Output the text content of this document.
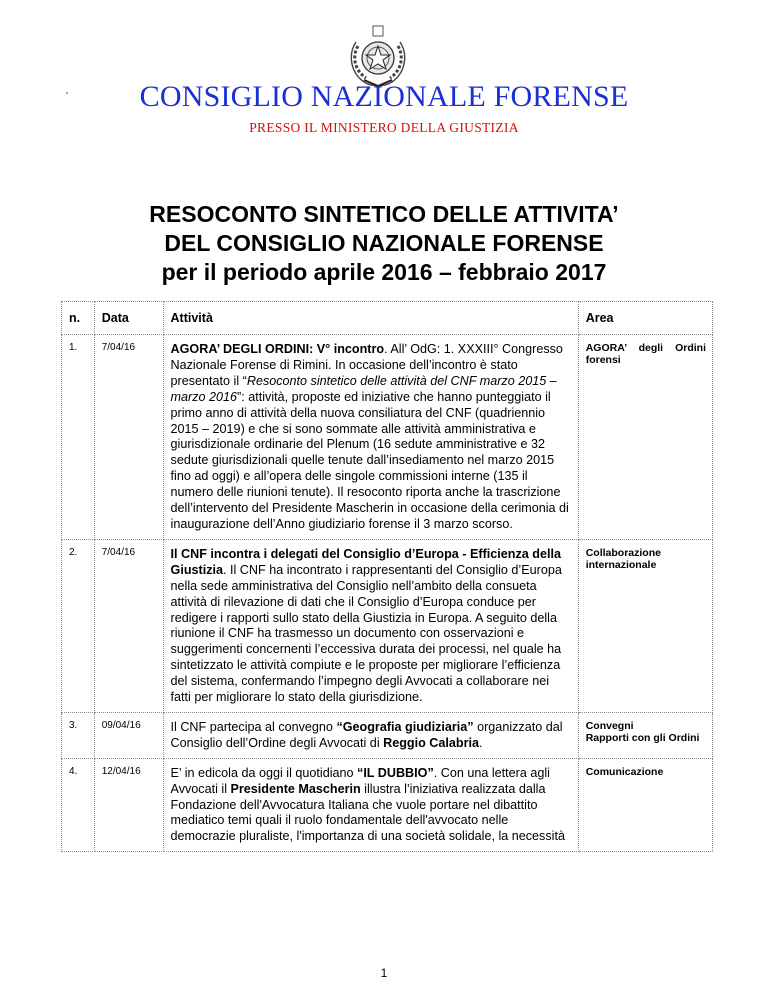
CONSIGLIO NAZIONALE FORENSE
PRESSO IL MINISTERO DELLA GIUSTIZIA
RESOCONTO SINTETICO DELLE ATTIVITA’
DEL CONSIGLIO NAZIONALE FORENSE
per il periodo aprile 2016 – febbraio 2017
n.	Data	Attività	Area
1.	7/04/16	AGORA’ DEGLI ORDINI: V° incontro. All’ OdG: 1. XXXIII° Congresso Nazionale Forense di Rimini. In occasione dell’incontro è stato presentato il “Resoconto sintetico delle attività del CNF marzo 2015 – marzo 2016”: attività, proposte ed iniziative che hanno punteggiato il primo anno di attività della nuova consiliatura del CNF (quadriennio 2015 – 2019) e che si sono sommate alle attività amministrativa e giurisdizionale ordinarie del Plenum (16 sedute amministrative e 32 sedute giurisdizionali quelle tenute dall’insediamento nel marzo 2015 fino ad oggi) e all’opera delle singole commissioni interne (135 il numero delle riunioni tenute). Il resoconto riporta anche la trascrizione dell’intervento del Presidente Mascherin in occasione della cerimonia di inaugurazione dell’Anno giudiziario forense il 3 marzo scorso.	AGORA’ degli Ordini forensi

2.	7/04/16	Il CNF incontra i delegati del Consiglio d’Europa - Efficienza della Giustizia. Il CNF ha incontrato i rappresentanti del Consiglio d’Europa nella sede amministrativa del Consiglio nell’ambito della consueta attività di rilevazione di dati che il Consiglio d’Europa conduce per redigere i rapporti sullo stato della Giustizia in Europa. A seguito della riunione il CNF ha trasmesso un documento con osservazioni e suggerimenti concernenti l’eccessiva durata dei processi, nel quale ha sintetizzato le attività compiute e le proposte per migliorare l’efficienza del sistema, confermando l’impegno degli Avvocati a collaborare nei fatti per migliorare lo stato della giurisdizione.	Collaborazione internazionale

3.	09/04/16	Il CNF partecipa al convegno “Geografia giudiziaria” organizzato dal Consiglio dell’Ordine degli Avvocati di Reggio Calabria.	Convegni
Rapporti con gli Ordini

4.	12/04/16	E’ in edicola da oggi il quotidiano “IL DUBBIO”. Con una lettera agli Avvocati il Presidente Mascherin illustra l’iniziativa realizzata dalla Fondazione dell'Avvocatura Italiana che vuole portare nel dibattito mediatico temi quali il ruolo fondamentale dell'avvocato nelle democrazie pluraliste, l'importanza di una società solidale, la necessità	Comunicazione
1
